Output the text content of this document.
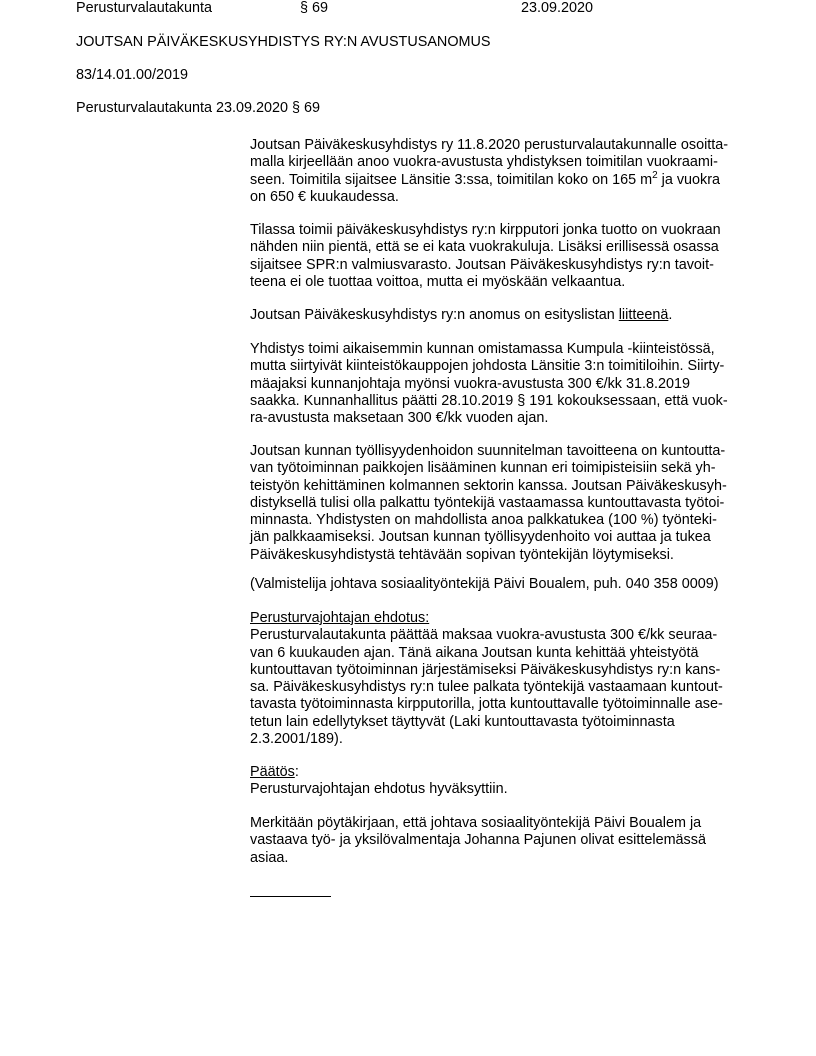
Perusturvalautakunta	§ 69	23.09.2020
JOUTSAN PÄIVÄKESKUSYHDISTYS RY:N AVUSTUSANOMUS
83/14.01.00/2019
Perusturvalautakunta 23.09.2020 § 69
Joutsan Päiväkeskusyhdistys ry 11.8.2020 perusturvalautakunnalle osoitta-
malla kirjeellään anoo vuokra-avustusta yhdistyksen toimitilan vuokraami-
seen. Toimitila sijaitsee Länsitie 3:ssa, toimitilan koko on 165 $m^2$ ja vuokra
on 650 € kuukaudessa.
Tilassa toimii päiväkeskusyhdistys ry:n kirpputori jonka tuotto on vuokraan
nähden niin pientä, että se ei kata vuokrakuluja. Lisäksi erillisessä osassa
sijaitsee SPR:n valmiusvarasto. Joutsan Päiväkeskusyhdistys ry:n tavoit-
teena ei ole tuottaa voittoa, mutta ei myöskään velkaantua.
Joutsan Päiväkeskusyhdistys ry:n anomus on esityslistan liitteenä.
Yhdistys toimi aikaisemmin kunnan omistamassa Kumpula -kiinteistössä,
mutta siirtyivät kiinteistökauppojen johdosta Länsitie 3:n toimitiloihin. Siirty-
mäajaksi kunnanjohtaja myönsi vuokra-avustusta 300 €/kk 31.8.2019
saakka. Kunnanhallitus päätti 28.10.2019 § 191 kokouksessaan, että vuok-
ra-avustusta maksetaan 300 €/kk vuoden ajan.
Joutsan kunnan työllisyydenhoidon suunnitelman tavoitteena on kuntoutta-
van työtoiminnan paikkojen lisääminen kunnan eri toimipisteisiin sekä yh-
teistyön kehittäminen kolmannen sektorin kanssa. Joutsan Päiväkeskusyh-
distyksellä tulisi olla palkattu työntekijä vastaamassa kuntouttavasta työtoi-
minnasta. Yhdistysten on mahdollista anoa palkkatukea (100 %) työnteki-
jän palkkaamiseksi. Joutsan kunnan työllisyydenhoito voi auttaa ja tukea
Päiväkeskusyhdistystä tehtävään sopivan työntekijän löytymiseksi.
(Valmistelija johtava sosiaalityöntekijä Päivi Boualem, puh. 040 358 0009)
Perusturvajohtajan ehdotus:
Perusturvalautakunta päättää maksaa vuokra-avustusta 300 €/kk seuraa-
van 6 kuukauden ajan. Tänä aikana Joutsan kunta kehittää yhteistyötä
kuntouttavan työtoiminnan järjestämiseksi Päiväkeskusyhdistys ry:n kans-
sa. Päiväkeskusyhdistys ry:n tulee palkata työntekijä vastaamaan kuntout-
tavasta työtoiminnasta kirpputorilla, jotta kuntouttavalle työtoiminnalle ase-
tetun lain edellytykset täyttyvät (Laki kuntouttavasta työtoiminnasta
2.3.2001/189).
Päätös:
Perusturvajohtajan ehdotus hyväksyttiin.
Merkitään pöytäkirjaan, että johtava sosiaalityöntekijä Päivi Boualem ja
vastaava työ- ja yksilövalmentaja Johanna Pajunen olivat esittelemässä
asiaa.
